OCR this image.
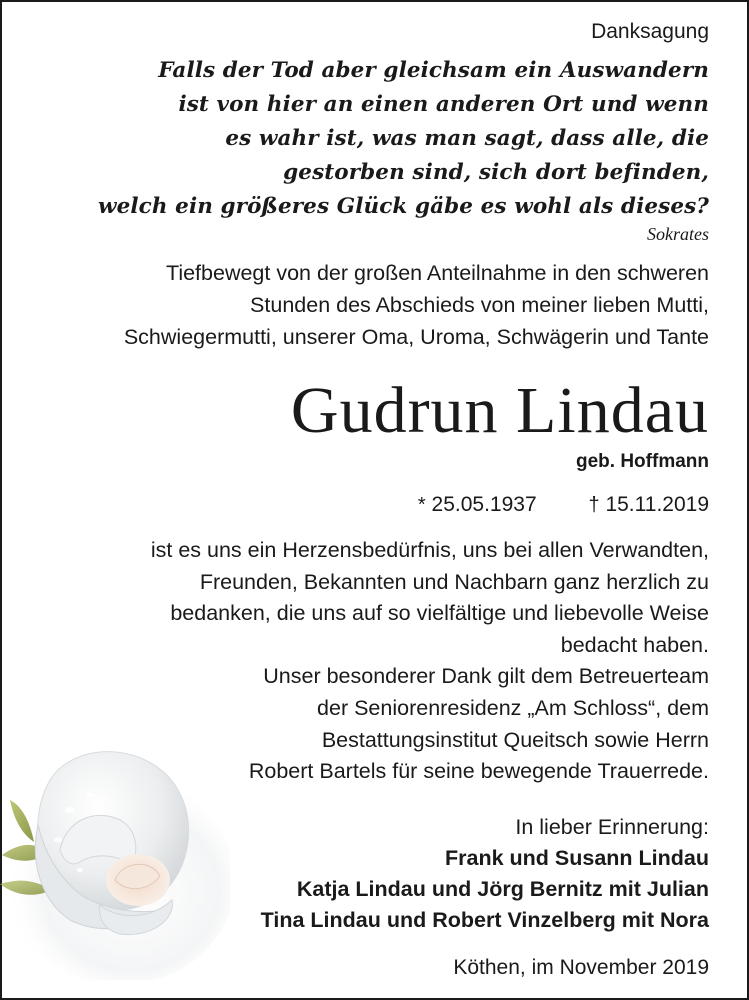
Danksagung
Falls der Tod aber gleichsam ein Auswandern
ist von hier an einen anderen Ort und wenn
es wahr ist, was man sagt, dass alle, die
gestorben sind, sich dort befinden,
welch ein größeres Glück gäbe es wohl als dieses?
Sokrates
Tiefbewegt von der großen Anteilnahme in den schweren
Stunden des Abschieds von meiner lieben Mutti,
Schwiegermutti, unserer Oma, Uroma, Schwägerin und Tante
Gudrun Lindau
geb. Hoffmann
* 25.05.1937	† 15.11.2019
ist es uns ein Herzensbedürfnis, uns bei allen Verwandten,
Freunden, Bekannten und Nachbarn ganz herzlich zu
bedanken, die uns auf so vielfältige und liebevolle Weise
bedacht haben.
Unser besonderer Dank gilt dem Betreuerteam
der Seniorenresidenz „Am Schloss“, dem
Bestattungsinstitut Queitsch sowie Herrn
Robert Bartels für seine bewegende Trauerrede.
In lieber Erinnerung:
Frank und Susann Lindau
Katja Lindau und Jörg Bernitz mit Julian
Tina Lindau und Robert Vinzelberg mit Nora
Köthen, im November 2019
